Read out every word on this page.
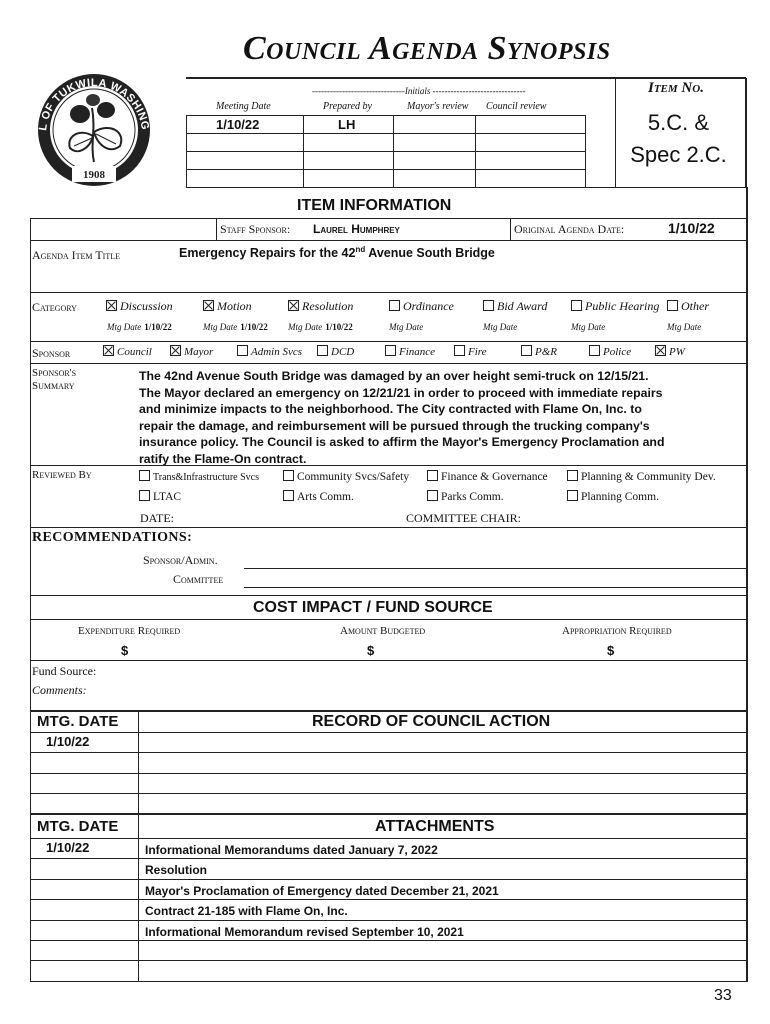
Council Agenda Synopsis
1908
L OF TUKWILA WASHING
-------------------------------Initials -------------------------------
Meeting Date	Prepared by	Mayor's review Council review
1/10/22	LH
Item No.
5.C. &
Spec 2.C.
ITEM INFORMATION
Staff Sponsor: Laurel Humphrey	Original Agenda Date:	1/10/22
Agenda Item Title	Emergency Repairs for the 42nd Avenue South Bridge
Category	Discussion
Mtg Date 1/10/22
Motion
Mtg Date 1/10/22
Resolution
Mtg Date 1/10/22
Ordinance
Mtg Date
Bid Award
Mtg Date
Public Hearing
Mtg Date
Other
Mtg Date
Sponsor	Council	Mayor	Admin Svcs	DCD	Finance	Fire	P&R	Police	PW
Sponsor's
Summary
The 42nd Avenue South Bridge was damaged by an over height semi-truck on 12/15/21.
The Mayor declared an emergency on 12/21/21 in order to proceed with immediate repairs
and minimize impacts to the neighborhood. The City contracted with Flame On, Inc. to
repair the damage, and reimbursement will be pursued through the trucking company's
insurance policy. The Council is asked to affirm the Mayor's Emergency Proclamation and
ratify the Flame-On contract.
Reviewed By	Trans&Infrastructure Svcs	Community Svcs/Safety	Finance & Governance	Planning & Community Dev.
LTAC	Arts Comm.	Parks Comm.	Planning Comm.
DATE:	COMMITTEE CHAIR:
RECOMMENDATIONS:
Sponsor/Admin.
Committee
COST IMPACT / FUND SOURCE
Expenditure Required	Amount Budgeted	Appropriation Required
$	$	$
Fund Source:
Comments:
MTG. DATE	RECORD OF COUNCIL ACTION
1/10/22
MTG. DATE	ATTACHMENTS
1/10/22	Informational Memorandums dated January 7, 2022
Resolution
Mayor's Proclamation of Emergency dated December 21, 2021
Contract 21-185 with Flame On, Inc.
Informational Memorandum revised September 10, 2021
33
